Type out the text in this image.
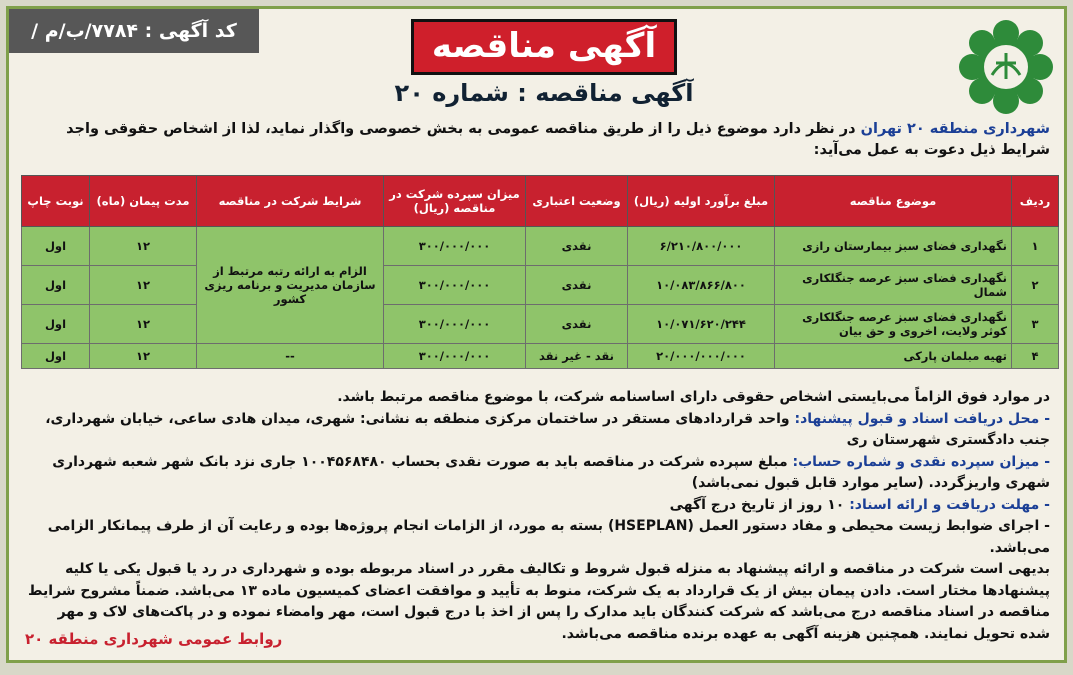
کد آگهی : ۷۷۸۴/ب/م /	آگهی مناقصه
آگهی مناقصه : شماره ۲۰
شهرداری منطقه ۲۰ تهران در نظر دارد موضوع ذیل را از طریق مناقصه عمومی به بخش خصوصی واگذار نماید، لذا از اشخاص حقوقی واجد شرایط ذیل دعوت به عمل می‌آید:
ردیف	موضوع مناقصه	مبلغ برآورد اولیه (ریال)	وضعیت اعتباری	میزان سپرده شرکت در مناقصه (ریال)	شرایط شرکت در مناقصه	مدت پیمان (ماه)	نوبت چاپ
۱	نگهداری فضای سبز بیمارستان رازی	۶/۲۱۰/۸۰۰/۰۰۰	نقدی	۳۰۰/۰۰۰/۰۰۰	الزام به ارائه رتبه مرتبط از سازمان مدیریت و برنامه ریزی کشور	۱۲	اول
۲	نگهداری فضای سبز عرصه جنگلکاری شمال	۱۰/۰۸۳/۸۶۶/۸۰۰	نقدی	۳۰۰/۰۰۰/۰۰۰		۱۲	اول
۳	نگهداری فضای سبز عرصه جنگلکاری کوثر ولایت، اخروی و حق بیان	۱۰/۰۷۱/۶۲۰/۲۴۴	نقدی	۳۰۰/۰۰۰/۰۰۰		۱۲	اول
۴	تهیه مبلمان پارکی	۲۰/۰۰۰/۰۰۰/۰۰۰	نقد - غیر نقد	۳۰۰/۰۰۰/۰۰۰	--	۱۲	اول

در موارد فوق الزاماً می‌بایستی اشخاص حقوقی دارای اساسنامه شرکت، با موضوع مناقصه مرتبط باشد.

- محل دریافت اسناد و قبول پیشنهاد: واحد قراردادهای مستقر در ساختمان مرکزی منطقه به نشانی: شهری، میدان هادی ساعی، خیابان شهرداری، جنب دادگستری شهرستان ری

- میزان سپرده نقدی و شماره حساب: مبلغ سپرده شرکت در مناقصه باید به صورت نقدی بحساب ۱۰۰۴۵۶۸۴۸۰ جاری نزد بانک شهر شعبه شهرداری شهری واریزگردد. (سایر موارد قابل قبول نمی‌باشد)

- مهلت دریافت و ارائه اسناد: ۱۰ روز از تاریخ درج آگهی

- اجرای ضوابط زیست محیطی و مفاد دستور العمل (HSEPLAN) بسته به مورد، از الزامات انجام پروژه‌ها بوده و رعایت آن از طرف پیمانکار الزامی می‌باشد.

بدیهی است شرکت در مناقصه و ارائه پیشنهاد به منزله قبول شروط و تکالیف مقرر در اسناد مربوطه بوده و شهرداری در رد یا قبول یکی یا کلیه پیشنهادها مختار است. دادن پیمان بیش از یک قرارداد به یک شرکت، منوط به تأیید و موافقت اعضای کمیسیون ماده ۱۳ می‌باشد. ضمناً مشروح شرایط مناقصه در اسناد مناقصه درج می‌باشد که شرکت کنندگان باید مدارک را پس از اخذ با درج قبول است، مهر وامضاء نموده و در پاکت‌های لاک و مهر شده تحویل نمایند. همچنین هزینه آگهی به عهده برنده مناقصه می‌باشد.

روابط عمومی شهرداری منطقه ۲۰
